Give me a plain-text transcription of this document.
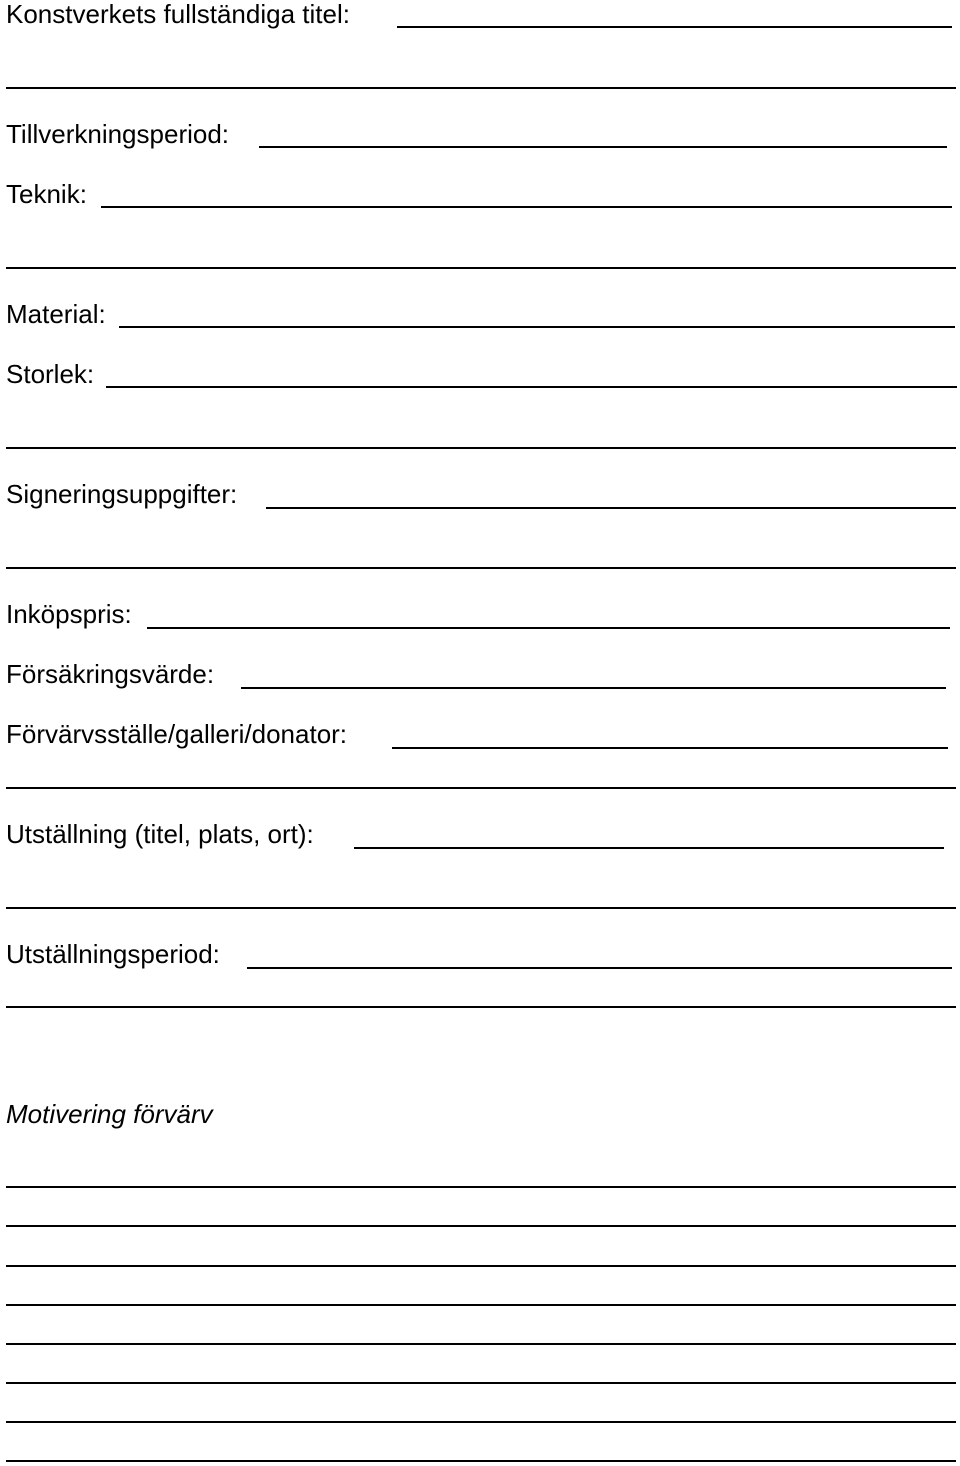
Konstverkets fullständiga titel:
Tillverkningsperiod:
Teknik:
Material:
Storlek:
Signeringsuppgifter:
Inköpspris:
Försäkringsvärde:
Förvärvsställe/galleri/donator:
Utställning (titel, plats, ort):
Utställningsperiod:
Motivering förvärv
